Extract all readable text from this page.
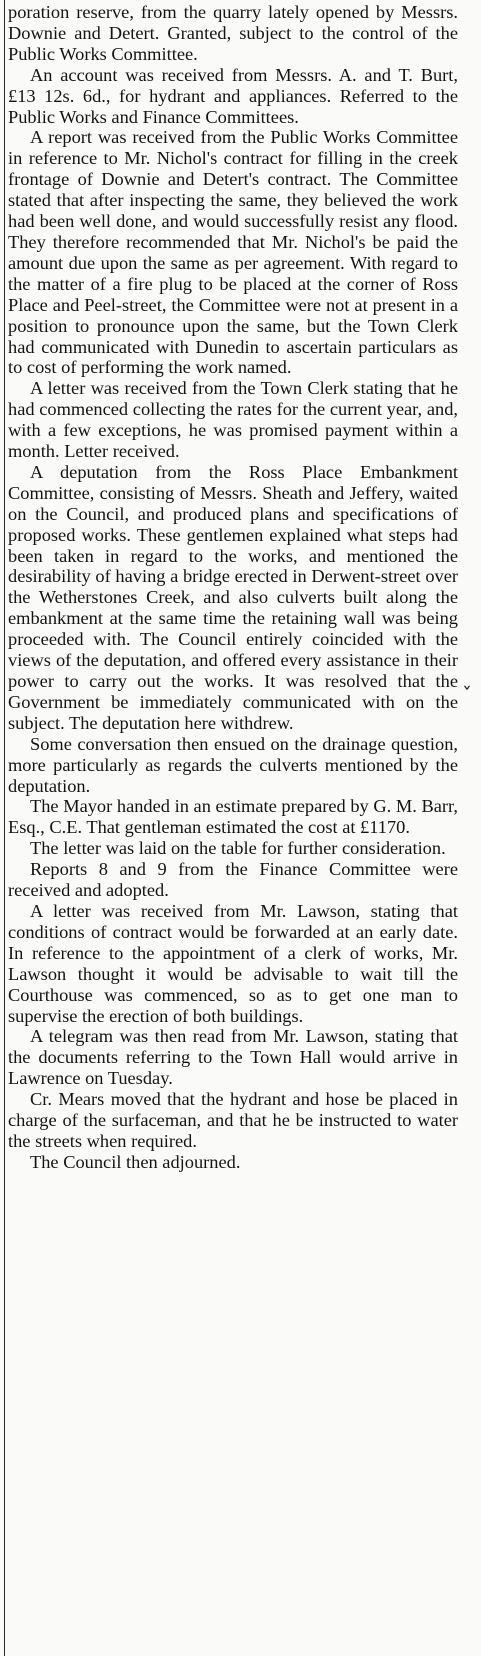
poration reserve, from the quarry lately opened by Messrs. Downie and Detert. Granted, subject to the control of the Public Works Committee.

An account was received from Messrs. A. and T. Burt, £13 12s. 6d., for hydrant and appliances. Referred to the Public Works and Finance Committees.

A report was received from the Public Works Committee in reference to Mr. Nichol's contract for filling in the creek frontage of Downie and Detert's contract. The Committee stated that after inspecting the same, they believed the work had been well done, and would successfully resist any flood. They therefore recommended that Mr. Nichol's be paid the amount due upon the same as per agreement. With regard to the matter of a fire plug to be placed at the corner of Ross Place and Peel-street, the Committee were not at present in a position to pronounce upon the same, but the Town Clerk had communicated with Dunedin to ascertain particulars as to cost of performing the work named.

A letter was received from the Town Clerk stating that he had commenced collecting the rates for the current year, and, with a few exceptions, he was promised payment within a month. Letter received.

A deputation from the Ross Place Embankment Committee, consisting of Messrs. Sheath and Jeffery, waited on the Council, and produced plans and specifications of proposed works. These gentlemen explained what steps had been taken in regard to the works, and mentioned the desirability of having a bridge erected in Derwent-street over the Wetherstones Creek, and also culverts built along the embankment at the same time the retaining wall was being proceeded with. The Council entirely coincided with the views of the deputation, and offered every assistance in their power to carry out the works. It was resolved that the Government be immediately communicated with on the subject. The deputation here withdrew.

Some conversation then ensued on the drainage question, more particularly as regards the culverts mentioned by the deputation.

The Mayor handed in an estimate prepared by G. M. Barr, Esq., C.E. That gentleman estimated the cost at £1170.

The letter was laid on the table for further consideration.

Reports 8 and 9 from the Finance Committee were received and adopted.

A letter was received from Mr. Lawson, stating that conditions of contract would be forwarded at an early date. In reference to the appointment of a clerk of works, Mr. Lawson thought it would be advisable to wait till the Courthouse was commenced, so as to get one man to supervise the erection of both buildings.

A telegram was then read from Mr. Lawson, stating that the documents referring to the Town Hall would arrive in Lawrence on Tuesday.

Cr. Mears moved that the hydrant and hose be placed in charge of the surfaceman, and that he be instructed to water the streets when required.

The Council then adjourned.

ˇ
